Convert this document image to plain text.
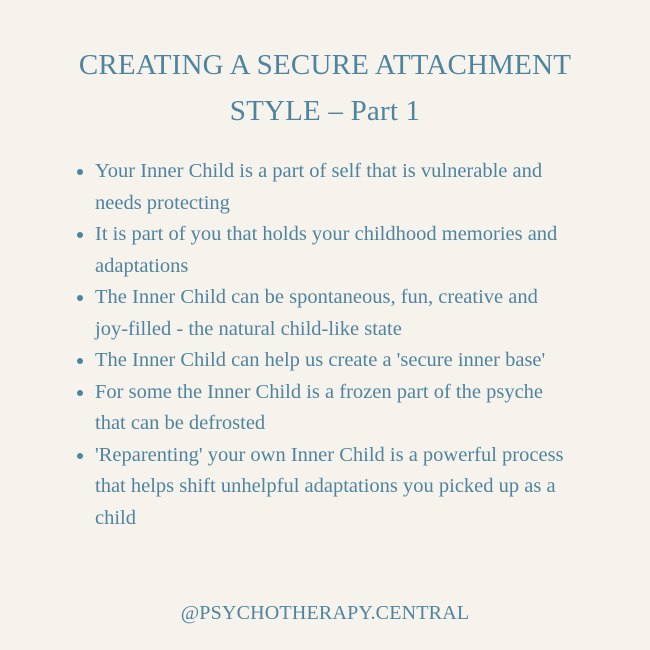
CREATING A SECURE ATTACHMENT
STYLE – Part 1
Your Inner Child is a part of self that is vulnerable and needs protecting
It is part of you that holds your childhood memories and adaptations
The Inner Child can be spontaneous, fun, creative and joy-filled - the natural child-like state
The Inner Child can help us create a 'secure inner base'
For some the Inner Child is a frozen part of the psyche that can be defrosted
'Reparenting' your own Inner Child is a powerful process that helps shift unhelpful adaptations you picked up as a child
@PSYCHOTHERAPY.CENTRAL
